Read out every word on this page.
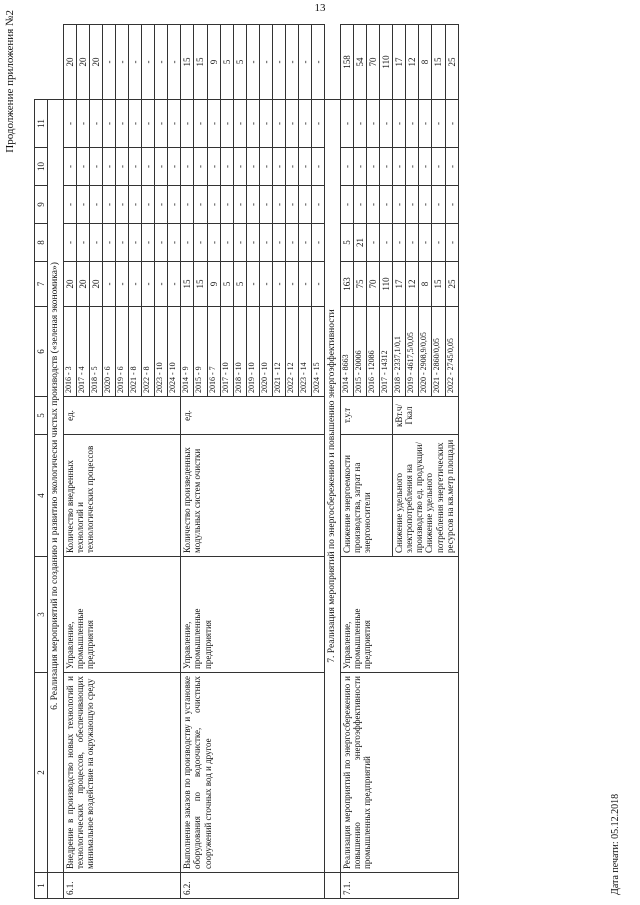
13
Продолжение приложения №2
1	2	3	4	5	6	7	8	9	10	11	
	6. Реализация мероприятий по созданию и развитию экологически чистых производств («зеленая экономика»)										
6.1.	Внедрение в производство новых технологий и технологических процессов, обеспечивающих минимальное воздействие на окружающую среду	Управление, промышленные предприятия	Количество внедренных технологий и технологических процессов	ед.	2016 - 3	20	-	-	-	-	20
					2017 - 4	20	-	-	-	-	20
					2018 - 5	20	-	-	-	-	20
					2020 - 6	-	-	-	-	-	-
					2019 - 6	-	-	-	-	-	-
					2021 - 8	-	-	-	-	-	-
					2022 - 8	-	-	-	-	-	-
					2023 - 10	-	-	-	-	-	-
					2024 - 10	-	-	-	-	-	-
6.2.	Выполнение заказов по производству и установке оборудования по водоочистке, очистных сооружений сточных вод и другое	Управление, промышленные предприятия	Количество произведенных модульных систем очистки	ед.	2014 - 9	15	-	-	-	-	15
					2015 - 9	15	-	-	-	-	15
					2016 - 7	9	-	-	-	-	9
					2017 - 10	5	-	-	-	-	5
					2018 - 10	5	-	-	-	-	5
					2019 - 10	-	-	-	-	-	-
					2020 - 10	-	-	-	-	-	-
					2021 - 12	-	-	-	-	-	-
					2022 - 12	-	-	-	-	-	-
					2023 - 14	-	-	-	-	-	-
					2024 - 15	-	-	-	-	-	-
	7. Реализация мероприятий по энергосбережению и повышению энергоэффективности										
7.1.	Реализация мероприятий по энергосбережению и повышению энергоэффективности промышленных предприятий	Управление, промышленные предприятия	Снижение энергоемкости производства, затрат на энергоносители	т.у.т	2014 - 8663	163	5	-	-	-	158
					2015 - 20006	75	21	-	-	-	54
					2016 - 12086	70	-	-	-	-	70
					2017 - 14312	110	-	-	-	-	110
			Снижение удельного электропотребления на производство ед. продукции/ Снижение удельного потребления энергетических ресурсов на кв.метр площади	кВт.ч/ Гкал	2018 - 2337,1/0,1	17	-	-	-	-	17
					2019 - 4617,5/0,05	12	-	-	-	-	12
					2020 - 2908,9/0,05	8	-	-	-	-	8
					2021 - 2860/0,05	15	-	-	-	-	15
					2022 - 2745/0,05	25	-	-	-	-	25
Дата печати: 05.12.2018
